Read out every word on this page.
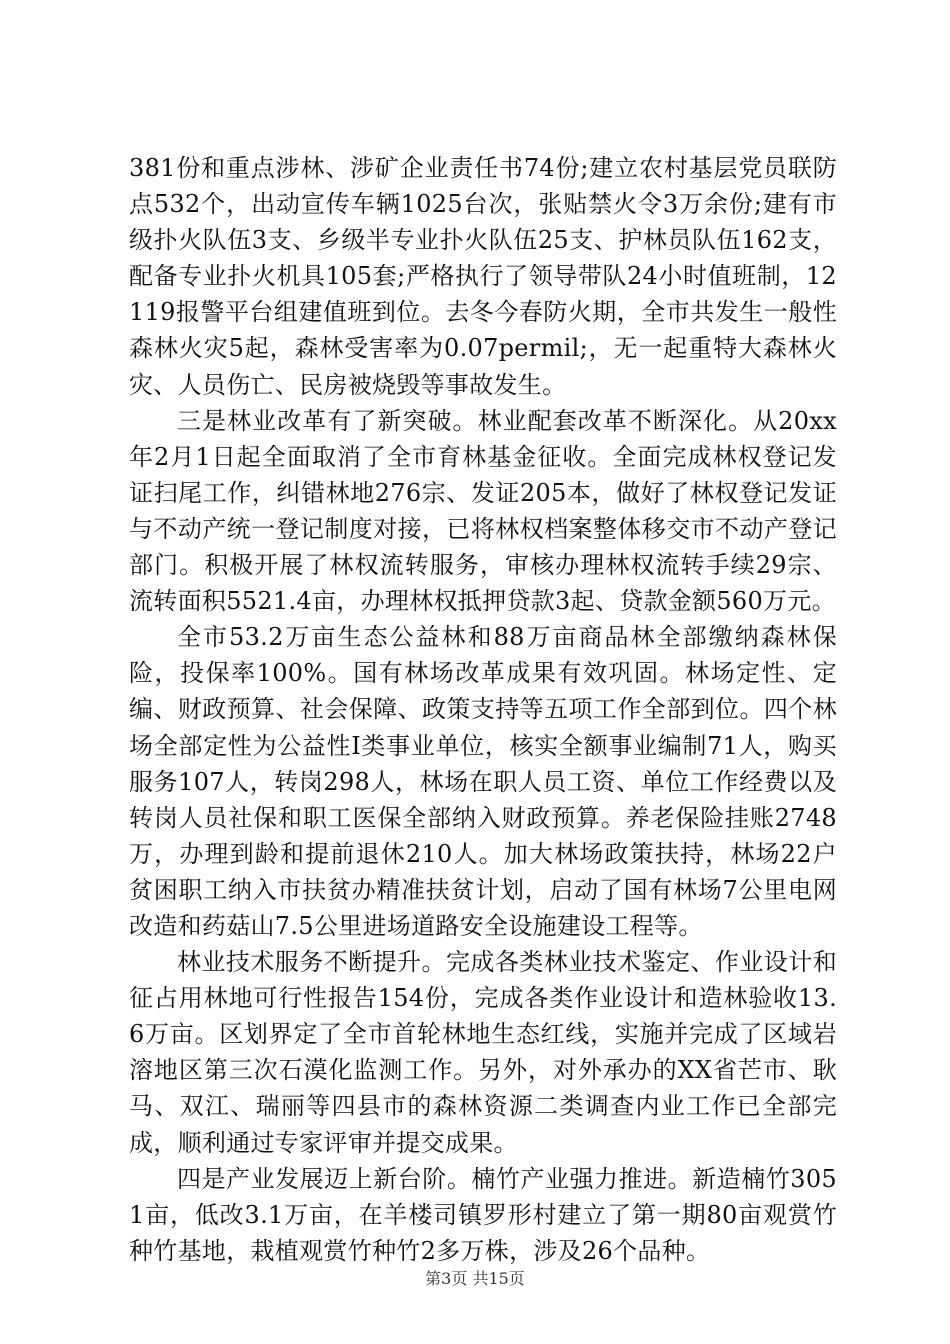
381份和重点涉林、涉矿企业责任书74份;建立农村基层党员联防点532个，出动宣传车辆1025台次，张贴禁火令3万余份;建有市级扑火队伍3支、乡级半专业扑火队伍25支、护林员队伍162支，配备专业扑火机具105套;严格执行了领导带队24小时值班制，12119报警平台组建值班到位。去冬今春防火期，全市共发生一般性森林火灾5起，森林受害率为0.07permil;，无一起重特大森林火灾、人员伤亡、民房被烧毁等事故发生。

三是林业改革有了新突破。林业配套改革不断深化。从20xx年2月1日起全面取消了全市育林基金征收。全面完成林权登记发证扫尾工作，纠错林地276宗、发证205本，做好了林权登记发证与不动产统一登记制度对接，已将林权档案整体移交市不动产登记部门。积极开展了林权流转服务，审核办理林权流转手续29宗、流转面积5521.4亩，办理林权抵押贷款3起、贷款金额560万元。

全市53.2万亩生态公益林和88万亩商品林全部缴纳森林保险，投保率100%。国有林场改革成果有效巩固。林场定性、定编、财政预算、社会保障、政策支持等五项工作全部到位。四个林场全部定性为公益性Ⅰ类事业单位，核实全额事业编制71人，购买服务107人，转岗298人，林场在职人员工资、单位工作经费以及转岗人员社保和职工医保全部纳入财政预算。养老保险挂账2748万，办理到龄和提前退休210人。加大林场政策扶持，林场22户贫困职工纳入市扶贫办精准扶贫计划，启动了国有林场7公里电网改造和药菇山7.5公里进场道路安全设施建设工程等。

林业技术服务不断提升。完成各类林业技术鉴定、作业设计和征占用林地可行性报告154份，完成各类作业设计和造林验收13.6万亩。区划界定了全市首轮林地生态红线，实施并完成了区域岩溶地区第三次石漠化监测工作。另外，对外承办的XX省芒市、耿马、双江、瑞丽等四县市的森林资源二类调查内业工作已全部完成，顺利通过专家评审并提交成果。

四是产业发展迈上新台阶。楠竹产业强力推进。新造楠竹3051亩，低改3.1万亩，在羊楼司镇罗形村建立了第一期80亩观赏竹种竹基地，栽植观赏竹种竹2多万株，涉及26个品种。

第3页 共15页
